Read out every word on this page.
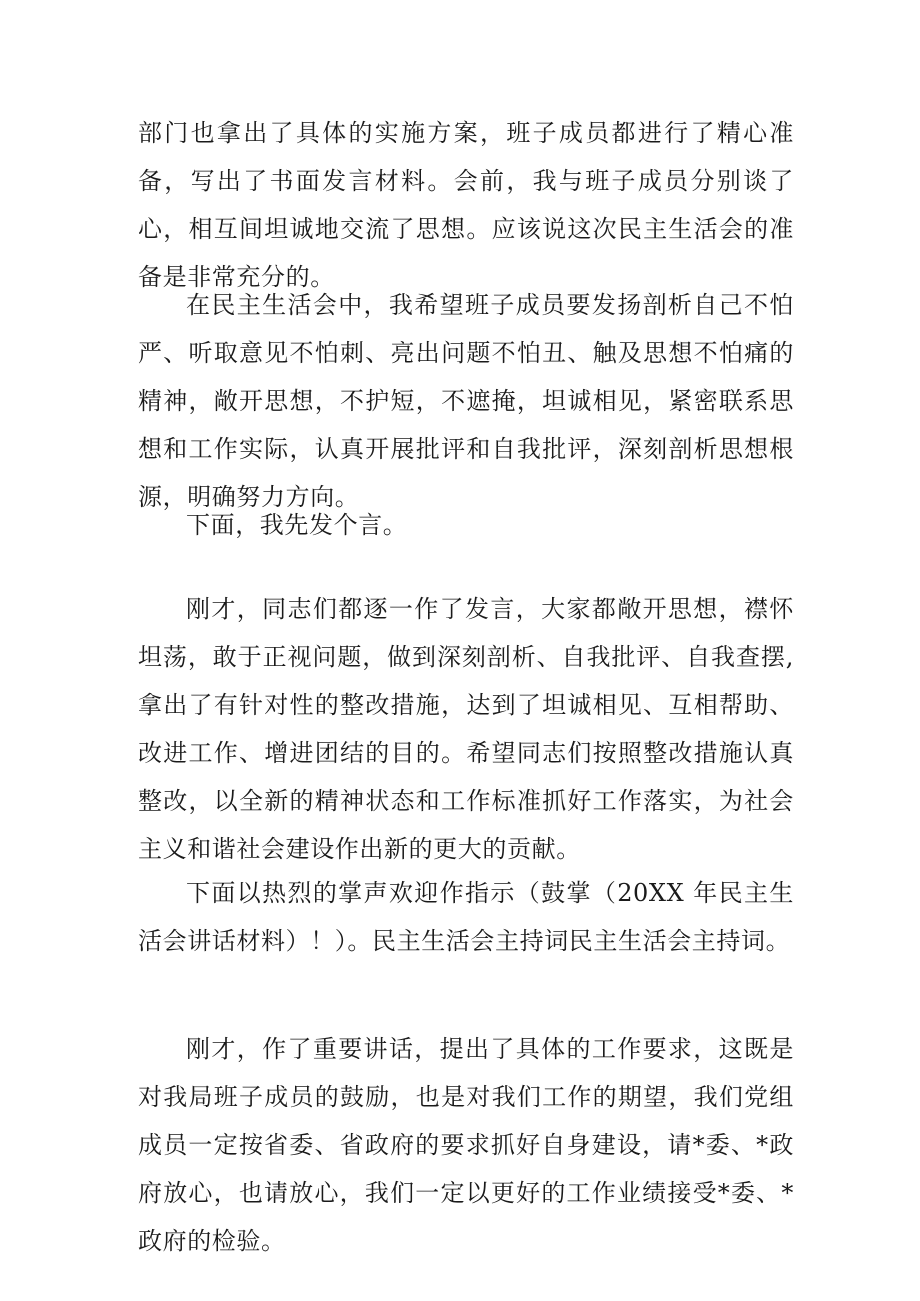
部门也拿出了具体的实施方案，班子成员都进行了精心准备，写出了书面发言材料。会前，我与班子成员分别谈了心，相互间坦诚地交流了思想。应该说这次民主生活会的准备是非常充分的。

在民主生活会中，我希望班子成员要发扬剖析自己不怕严、听取意见不怕刺、亮出问题不怕丑、触及思想不怕痛的精神，敞开思想，不护短，不遮掩，坦诚相见，紧密联系思想和工作实际，认真开展批评和自我批评，深刻剖析思想根源，明确努力方向。

下面，我先发个言。

刚才，同志们都逐一作了发言，大家都敞开思想，襟怀坦荡，敢于正视问题，做到深刻剖析、自我批评、自我查摆,拿出了有针对性的整改措施，达到了坦诚相见、互相帮助、改进工作、增进团结的目的。希望同志们按照整改措施认真整改，以全新的精神状态和工作标准抓好工作落实，为社会主义和谐社会建设作出新的更大的贡献。

下面以热烈的掌声欢迎作指示（鼓掌（20XX 年民主生活会讲话材料）！）。民主生活会主持词民主生活会主持词。

刚才，作了重要讲话，提出了具体的工作要求，这既是对我局班子成员的鼓励，也是对我们工作的期望，我们党组成员一定按省委、省政府的要求抓好自身建设，请*委、*政府放心，也请放心，我们一定以更好的工作业绩接受*委、*政府的检验。
